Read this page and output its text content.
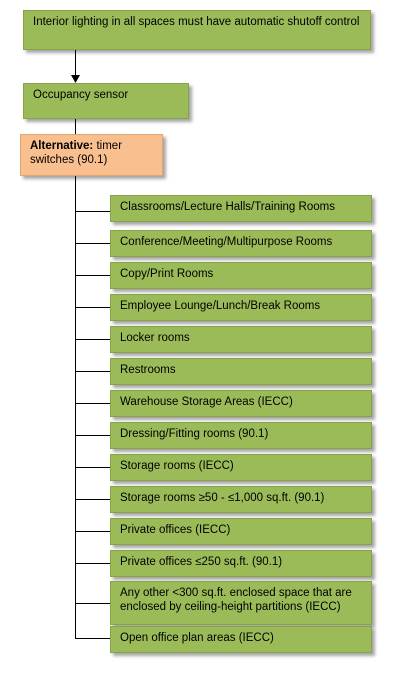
Interior lighting in all spaces must have automatic shutoff control
Occupancy sensor
Alternative: timer switches (90.1)
Classrooms/Lecture Halls/Training Rooms
Conference/Meeting/Multipurpose Rooms
Copy/Print Rooms
Employee Lounge/Lunch/Break Rooms
Locker rooms
Restrooms
Warehouse Storage Areas (IECC)
Dressing/Fitting rooms (90.1)
Storage rooms (IECC)
Storage rooms ≥50 - ≤1,000 sq.ft. (90.1)
Private offices (IECC)
Private offices ≤250 sq.ft. (90.1)
Any other <300 sq.ft. enclosed space that are enclosed by ceiling-height partitions (IECC)
Open office plan areas (IECC)
